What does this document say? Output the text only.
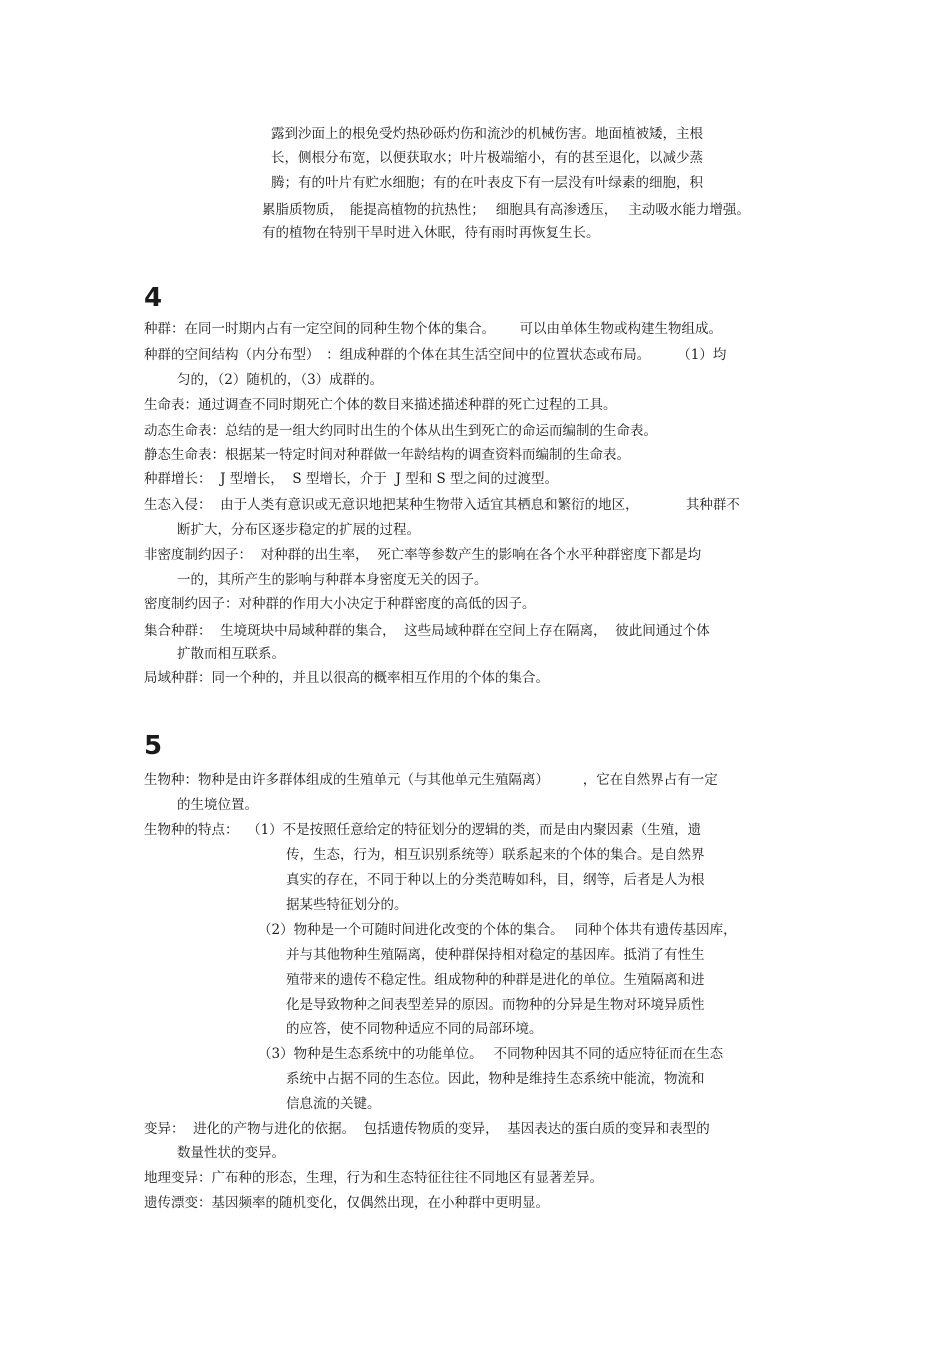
露到沙面上的根免受灼热砂砾灼伤和流沙的机械伤害。地面植被矮，主根
长，侧根分布宽，以便获取水；叶片极端缩小，有的甚至退化，以减少蒸
腾；有的叶片有贮水细胞；有的在叶表皮下有一层没有叶绿素的细胞，积
累脂质物质，　能提高植物的抗热性；　 细胞具有高渗透压，　 主动吸水能力增强。
有的植物在特别干旱时进入休眠，待有雨时再恢复生长。
4
种群：在同一时期内占有一定空间的同种生物个体的集合。　　 可以由单体生物或构建生物组成。
种群的空间结构（内分布型）　：组成种群的个体在其生活空间中的位置状态或布局。　　　（1）均
匀的，（2）随机的，（3）成群的。
生命表：通过调查不同时期死亡个体的数目来描述描述种群的死亡过程的工具。
动态生命表：总结的是一组大约同时出生的个体从出生到死亡的命运而编制的生命表。
静态生命表：根据某一特定时间对种群做一年龄结构的调查资料而编制的生命表。
种群增长：  J 型增长，  S 型增长，介于  J 型和 S 型之间的过渡型。
生态入侵：  由于人类有意识或无意识地把某种生物带入适宜其栖息和繁衍的地区，　　　　其种群不
断扩大，分布区逐步稳定的扩展的过程。
非密度制约因子：  对种群的出生率，  死亡率等参数产生的影响在各个水平种群密度下都是均
一的，其所产生的影响与种群本身密度无关的因子。
密度制约因子：对种群的作用大小决定于种群密度的高低的因子。
集合种群：  生境斑块中局域种群的集合，  这些局域种群在空间上存在隔离，  彼此间通过个体
扩散而相互联系。
局域种群：同一个种的，并且以很高的概率相互作用的个体的集合。
5
生物种：物种是由许多群体组成的生殖单元（与其他单元生殖隔离）　　　，它在自然界占有一定
的生境位置。
生物种的特点：  （1）不是按照任意给定的特征划分的逻辑的类，而是由内聚因素（生殖，遗
传，生态，行为，相互识别系统等）联系起来的个体的集合。是自然界
真实的存在，不同于种以上的分类范畴如科，目，纲等，后者是人为根
据某些特征划分的。
（2）物种是一个可随时间进化改变的个体的集合。　 同种个体共有遗传基因库，
并与其他物种生殖隔离，使种群保持相对稳定的基因库。抵消了有性生
殖带来的遗传不稳定性。组成物种的种群是进化的单位。生殖隔离和进
化是导致物种之间表型差异的原因。而物种的分异是生物对环境异质性
的应答，使不同物种适应不同的局部环境。
（3）物种是生态系统中的功能单位。　 不同物种因其不同的适应特征而在生态
系统中占据不同的生态位。因此，物种是维持生态系统中能流，物流和
信息流的关键。
变异：  进化的产物与进化的依据。  包括遗传物质的变异，  基因表达的蛋白质的变异和表型的
数量性状的变异。
地理变异：广布种的形态，生理，行为和生态特征往往不同地区有显著差异。
遗传漂变：基因频率的随机变化，仅偶然出现，在小种群中更明显。
